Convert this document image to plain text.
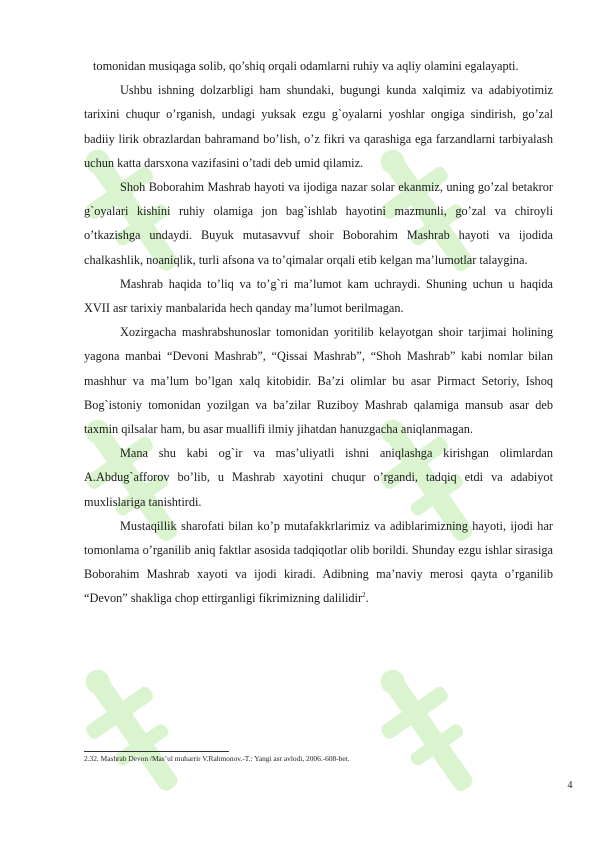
tomonidan musiqaga solib, qo’shiq orqali odamlarni ruhiy va aqliy olamini egalayapti.

Ushbu ishning dolzarbligi ham shundaki, bugungi kunda xalqimiz va adabiyotimiz tarixini chuqur o’rganish, undagi yuksak ezgu g`oyalarni yoshlar ongiga sindirish, go’zal badiiy lirik obrazlardan bahramand bo’lish, o’z fikri va qarashiga ega farzandlarni tarbiyalash uchun katta darsxona vazifasini o’tadi deb umid qilamiz.

Shoh Boborahim Mashrab hayoti va ijodiga nazar solar ekanmiz, uning go’zal betakror g`oyalari kishini ruhiy olamiga jon bag`ishlab hayotini mazmunli, go’zal va chiroyli o’tkazishga undaydi. Buyuk mutasavvuf shoir Boborahim Mashrab hayoti va ijodida chalkashlik, noaniqlik, turli afsona va to’qimalar orqali etib kelgan ma’lumotlar talaygina.

Mashrab haqida to’liq va to’g`ri ma’lumot kam uchraydi. Shuning uchun u haqida XVII asr tarixiy manbalarida hech qanday ma’lumot berilmagan.

Xozirgacha mashrabshunoslar tomonidan yoritilib kelayotgan shoir tarjimai holining yagona manbai “Devoni Mashrab”, “Qissai Mashrab”, “Shoh Mashrab” kabi nomlar bilan mashhur va ma’lum bo’lgan xalq kitobidir. Ba’zi olimlar bu asar Pirmact Setoriy, Ishoq Bog`istoniy tomonidan yozilgan va ba’zilar Ruziboy Mashrab qalamiga mansub asar deb taxmin qilsalar ham, bu asar muallifi ilmiy jihatdan hanuzgacha aniqlanmagan.

Mana shu kabi og`ir va mas’uliyatli ishni aniqlashga kirishgan olimlardan A.Abdug`afforov bo’lib, u Mashrab xayotini chuqur o’rgandi, tadqiq etdi va adabiyot muxlislariga tanishtirdi.

Mustaqillik sharofati bilan ko’p mutafakkrlarimiz va adiblarimizning hayoti, ijodi har tomonlama o’rganilib aniq faktlar asosida tadqiqotlar olib borildi. Shunday ezgu ishlar sirasiga Boborahim Mashrab xayoti va ijodi kiradi. Adibning ma’naviy merosi qayta o’rganilib “Devon” shakliga chop ettirganligi fikrimizning dalilidir$^2$.

2.32. Mashrab Devon /Mas’ul muharrir V.Rahmonov.-T.: Yangi asr avlodi, 2006.-608-bet.
4
